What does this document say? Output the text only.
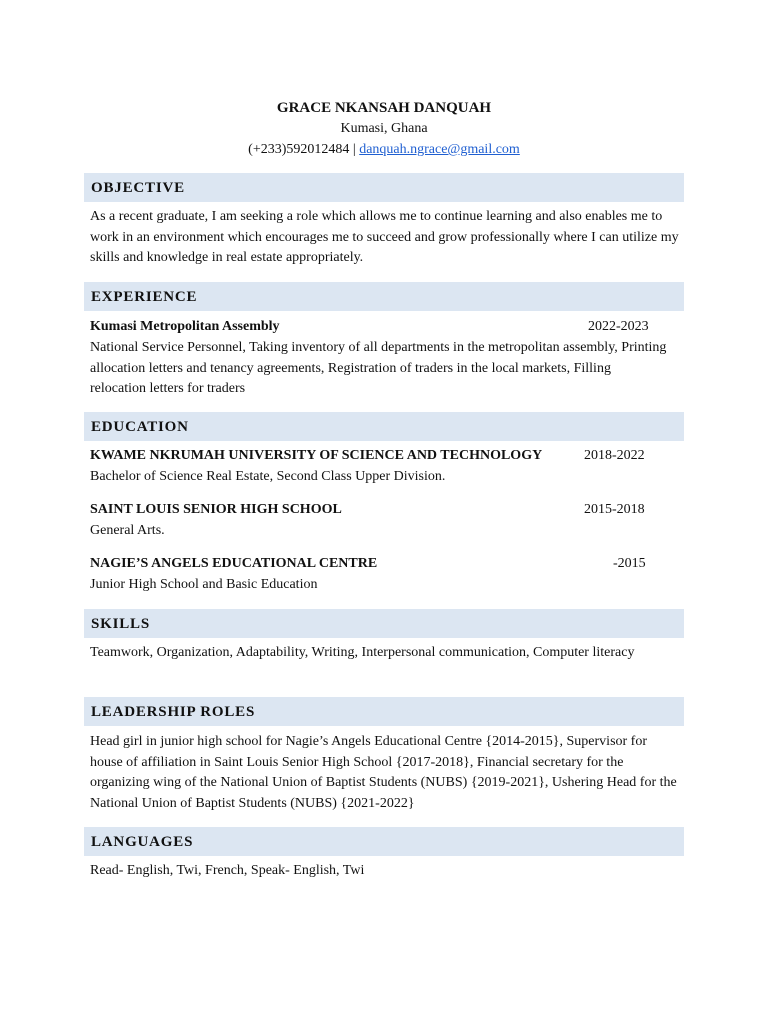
GRACE NKANSAH DANQUAH
Kumasi, Ghana
(+233)592012484 | danquah.ngrace@gmail.com
OBJECTIVE
As a recent graduate, I am seeking a role which allows me to continue learning and also enables me to work in an environment which encourages me to succeed and grow professionally where I can utilize my skills and knowledge in real estate appropriately.
EXPERIENCE
Kumasi Metropolitan Assembly	2022-2023
National Service Personnel, Taking inventory of all departments in the metropolitan assembly, Printing allocation letters and tenancy agreements, Registration of traders in the local markets, Filling relocation letters for traders
EDUCATION
KWAME NKRUMAH UNIVERSITY OF SCIENCE AND TECHNOLOGY	2018-2022
Bachelor of Science Real Estate, Second Class Upper Division.
SAINT LOUIS SENIOR HIGH SCHOOL	2015-2018
General Arts.
NAGIE’S ANGELS EDUCATIONAL CENTRE	-2015
Junior High School and Basic Education
SKILLS
Teamwork, Organization, Adaptability, Writing, Interpersonal communication, Computer literacy
LEADERSHIP ROLES
Head girl in junior high school for Nagie’s Angels Educational Centre {2014-2015}, Supervisor for house of affiliation in Saint Louis Senior High School {2017-2018}, Financial secretary for the organizing wing of the National Union of Baptist Students (NUBS) {2019-2021}, Ushering Head for the National Union of Baptist Students (NUBS) {2021-2022}
LANGUAGES
Read- English, Twi, French, Speak- English, Twi
